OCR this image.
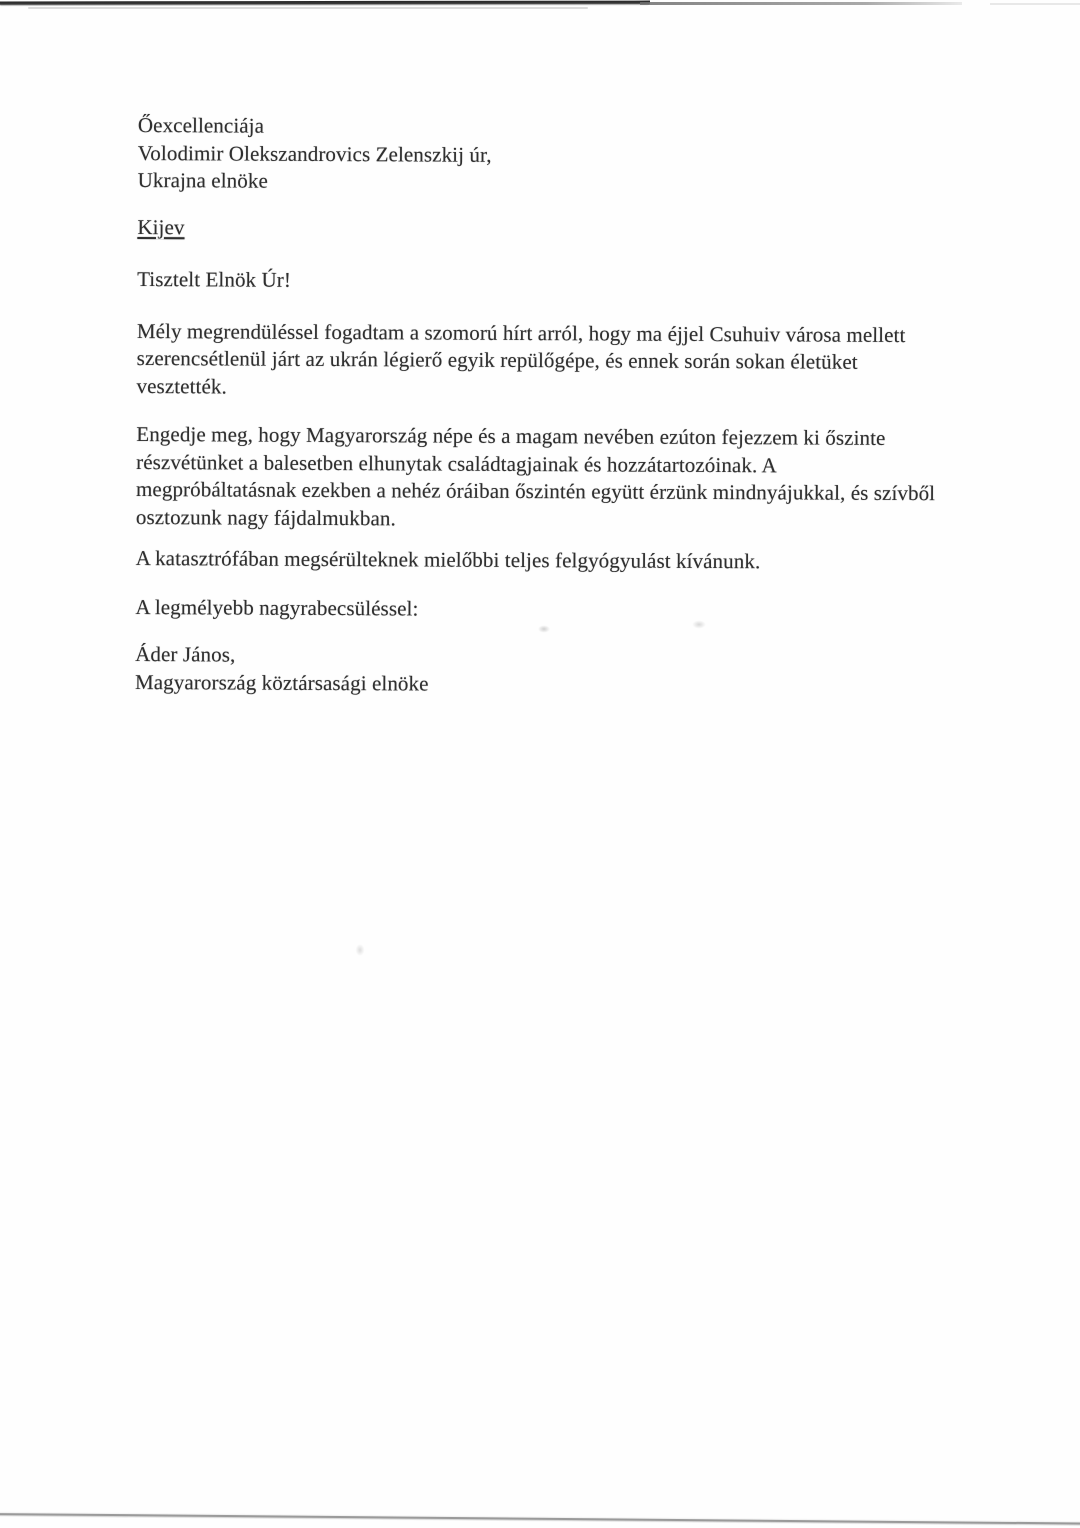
Őexcellenciája
Volodimir Olekszandrovics Zelenszkij úr,
Ukrajna elnöke
Kijev
Tisztelt Elnök Úr!
Mély megrendüléssel fogadtam a szomorú hírt arról, hogy ma éjjel Csuhuiv városa mellett
szerencsétlenül járt az ukrán légierő egyik repülőgépe, és ennek során sokan életüket
vesztették.
Engedje meg, hogy Magyarország népe és a magam nevében ezúton fejezzem ki őszinte
részvétünket a balesetben elhunytak családtagjainak és hozzátartozóinak. A
megpróbáltatásnak ezekben a nehéz óráiban őszintén együtt érzünk mindnyájukkal, és szívből
osztozunk nagy fájdalmukban.
A katasztrófában megsérülteknek mielőbbi teljes felgyógyulást kívánunk.
A legmélyebb nagyrabecsüléssel:
Áder János,
Magyarország köztársasági elnöke
